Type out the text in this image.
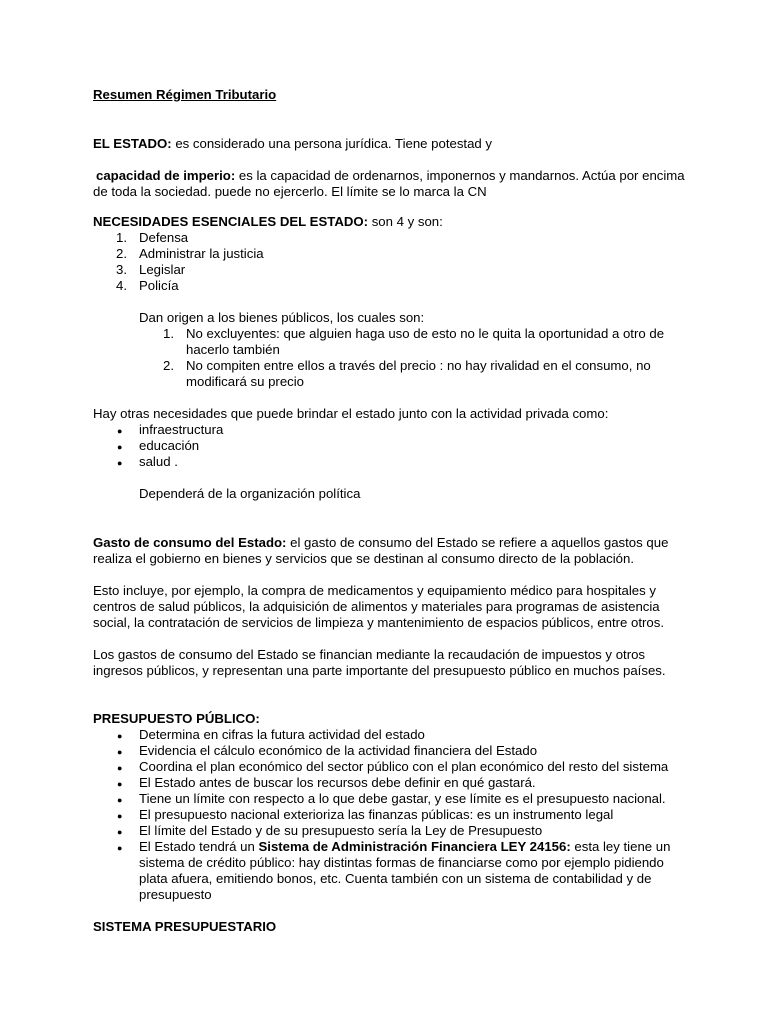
Resumen Régimen Tributario
EL ESTADO: es considerado una persona jurídica. Tiene potestad y
capacidad de imperio: es la capacidad de ordenarnos, imponernos y mandarnos. Actúa por encima
de toda la sociedad. puede no ejercerlo. El límite se lo marca la CN
NECESIDADES ESENCIALES DEL ESTADO: son 4 y son:
1. Defensa
2. Administrar la justicia
3. Legislar
4. Policía
Dan origen a los bienes públicos, los cuales son:
1. No excluyentes: que alguien haga uso de esto no le quita la oportunidad a otro de
hacerlo también
2. No compiten entre ellos a través del precio : no hay rivalidad en el consumo, no
modificará su precio
Hay otras necesidades que puede brindar el estado junto con la actividad privada como:
● infraestructura
● educación
● salud .
Dependerá de la organización política
Gasto de consumo del Estado: el gasto de consumo del Estado se refiere a aquellos gastos que
realiza el gobierno en bienes y servicios que se destinan al consumo directo de la población.
Esto incluye, por ejemplo, la compra de medicamentos y equipamiento médico para hospitales y
centros de salud públicos, la adquisición de alimentos y materiales para programas de asistencia
social, la contratación de servicios de limpieza y mantenimiento de espacios públicos, entre otros.
Los gastos de consumo del Estado se financian mediante la recaudación de impuestos y otros
ingresos públicos, y representan una parte importante del presupuesto público en muchos países.
PRESUPUESTO PÚBLICO:
● Determina en cifras la futura actividad del estado
● Evidencia el cálculo económico de la actividad financiera del Estado
● Coordina el plan económico del sector público con el plan económico del resto del sistema
● El Estado antes de buscar los recursos debe definir en qué gastará.
● Tiene un límite con respecto a lo que debe gastar, y ese límite es el presupuesto nacional.
● El presupuesto nacional exterioriza las finanzas públicas: es un instrumento legal
● El límite del Estado y de su presupuesto sería la Ley de Presupuesto
● El Estado tendrá un Sistema de Administración Financiera LEY 24156: esta ley tiene un
sistema de crédito público: hay distintas formas de financiarse como por ejemplo pidiendo
plata afuera, emitiendo bonos, etc. Cuenta también con un sistema de contabilidad y de
presupuesto
SISTEMA PRESUPUESTARIO
